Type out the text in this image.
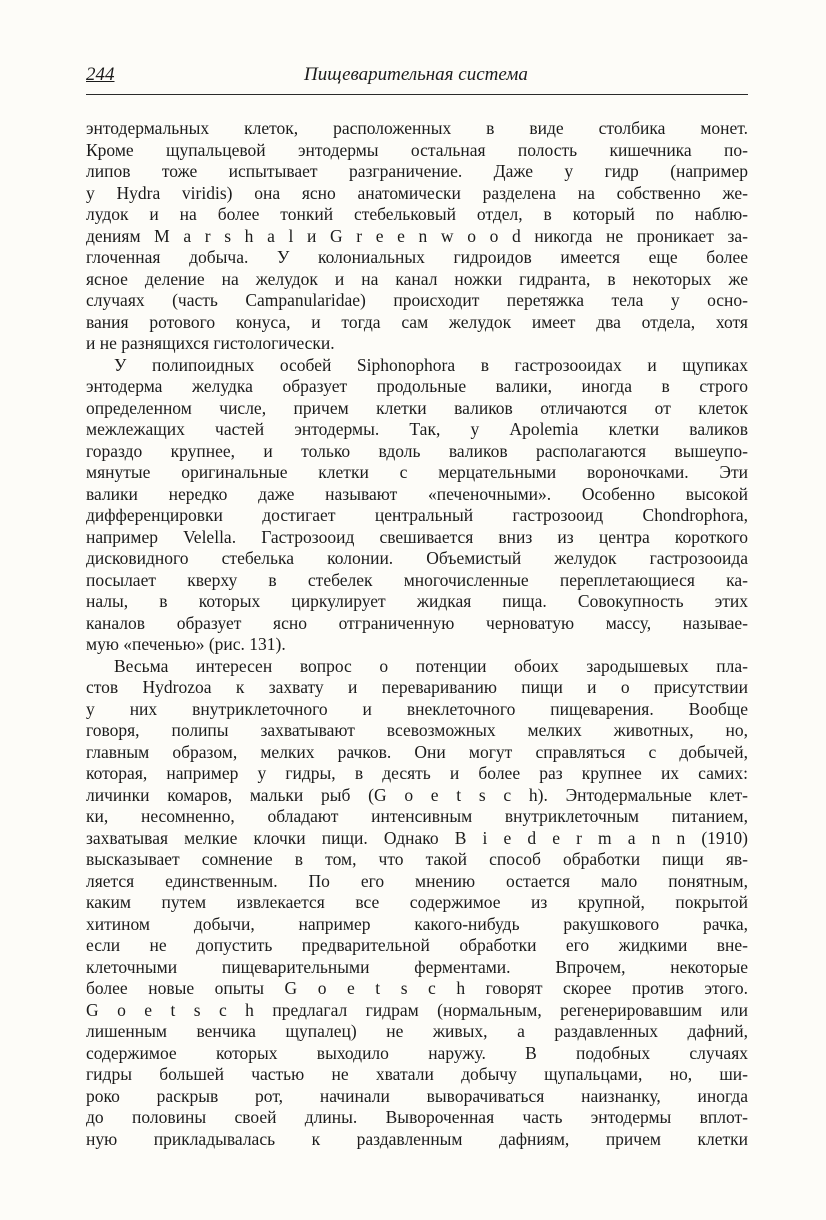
244	Пищеварительная система
энтодермальных клеток, расположенных в виде столбика монет.
Кроме щупальцевой энтодермы остальная полость кишечника по-
липов тоже испытывает разграничение. Даже у гидр (например
у Hydra viridis) она ясно анатомически разделена на собственно же-
лудок и на более тонкий стебельковый отдел, в который по наблю-
дениям M a r s h a l и G r e e n w o o d никогда не проникает за-
глоченная добыча. У колониальных гидроидов имеется еще более
ясное деление на желудок и на канал ножки гидранта, в некоторых же
случаях (часть Campanularidae) происходит перетяжка тела у осно-
вания ротового конуса, и тогда сам желудок имеет два отдела, хотя
и не разнящихся гистологически.
У полипоидных особей Siphonophora в гастрозооидах и щупиках
энтодерма желудка образует продольные валики, иногда в строго
определенном числе, причем клетки валиков отличаются от клеток
межлежащих частей энтодермы. Так, у Apolemia клетки валиков
гораздо крупнее, и только вдоль валиков располагаются вышеупо-
мянутые оригинальные клетки с мерцательными вороночками. Эти
валики нередко даже называют «печеночными». Особенно высокой
дифференцировки достигает центральный гастрозооид Chondrophora,
например Velella. Гастрозооид свешивается вниз из центра короткого
дисковидного стебелька колонии. Объемистый желудок гастрозооида
посылает кверху в стебелек многочисленные переплетающиеся ка-
налы, в которых циркулирует жидкая пища. Совокупность этих
каналов образует ясно отграниченную черноватую массу, называе-
мую «печенью» (рис. 131).
Весьма интересен вопрос о потенции обоих зародышевых пла-
стов Hydrozoa к захвату и перевариванию пищи и о присутствии
у них внутриклеточного и внеклеточного пищеварения. Вообще
говоря, полипы захватывают всевозможных мелких животных, но,
главным образом, мелких рачков. Они могут справляться с добычей,
которая, например у гидры, в десять и более раз крупнее их самих:
личинки комаров, мальки рыб (G o e t s c h). Энтодермальные клет-
ки, несомненно, обладают интенсивным внутриклеточным питанием,
захватывая мелкие клочки пищи. Однако B i e d e r m a n n (1910)
высказывает сомнение в том, что такой способ обработки пищи яв-
ляется единственным. По его мнению остается мало понятным,
каким путем извлекается все содержимое из крупной, покрытой
хитином добычи, например какого-нибудь ракушкового рачка,
если не допустить предварительной обработки его жидкими вне-
клеточными пищеварительными ферментами. Впрочем, некоторые
более новые опыты G o e t s c h говорят скорее против этого.
G o e t s c h предлагал гидрам (нормальным, регенерировавшим или
лишенным венчика щупалец) не живых, а раздавленных дафний,
содержимое которых выходило наружу. В подобных случаях
гидры большей частью не хватали добычу щупальцами, но, ши-
роко раскрыв рот, начинали выворачиваться наизнанку, иногда
до половины своей длины. Вывороченная часть энтодермы вплот-
ную прикладывалась к раздавленным дафниям, причем клетки
